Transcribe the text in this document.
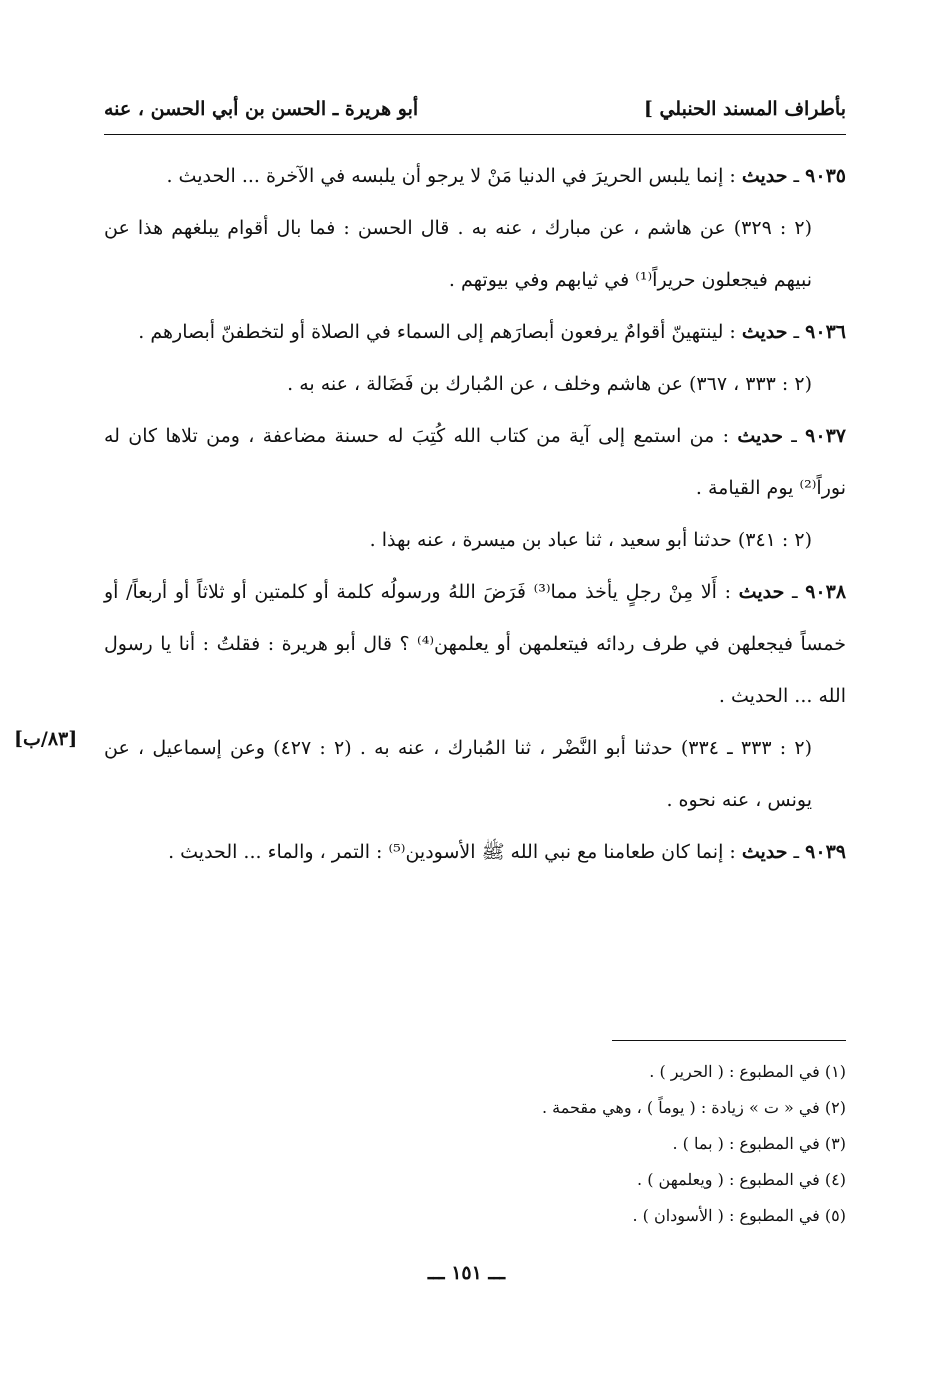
بأطراف المسند الحنبلي ]
أبو هريرة ـ الحسن بن أبي الحسن ، عنه
[٨٣/ب]

٩٠٣٥ ـ حديث : إنما يلبس الحريرَ في الدنيا مَنْ لا يرجو أن يلبسه في الآخرة ... الحديث .

(٢ : ٣٢٩) عن هاشم ، عن مبارك ، عنه به . قال الحسن : فما بال أقوام يبلغهم هذا عن نبيهم فيجعلون حريراً⁽¹⁾ في ثيابهم وفي بيوتهم .

٩٠٣٦ ـ حديث : لينتهينّ أقوامٌ يرفعون أبصارَهم إلى السماء في الصلاة أو لتخطفنّ أبصارهم .

(٢ : ٣٣٣ ، ٣٦٧) عن هاشم وخلف ، عن المُبارك بن فَضَالة ، عنه به .

٩٠٣٧ ـ حديث : من استمع إلى آية من كتاب الله كُتِبَ له حسنة مضاعفة ، ومن تلاها كان له نوراً⁽²⁾ يوم القيامة .

(٢ : ٣٤١) حدثنا أبو سعيد ، ثنا عباد بن ميسرة ، عنه بهذا .

٩٠٣٨ ـ حديث : أَلا مِنْ رجلٍ يأخذ مما⁽³⁾ فَرَضَ اللهُ ورسولُه كلمة أو كلمتين أو ثلاثاً أو أربعاً/ أو خمساً فيجعلهن في طرف ردائه فيتعلمهن أو يعلمهن⁽⁴⁾ ؟ قال أبو هريرة : فقلتُ : أنا يا رسول الله ... الحديث .

(٢ : ٣٣٣ ـ ٣٣٤) حدثنا أبو النَّضْر ، ثنا المُبارك ، عنه به . (٢ : ٤٢٧) وعن إسماعيل ، عن يونس ، عنه نحوه .

٩٠٣٩ ـ حديث : إنما كان طعامنا مع نبي الله ﷺ الأسودين⁽⁵⁾ : التمر ، والماء ... الحديث .

(١) في المطبوع : ( الحرير ) .

(٢) في « ت » زيادة : ( يوماً ) ، وهي مقحمة .

(٣) في المطبوع : ( بما ) .

(٤) في المطبوع : ( ويعلمهن ) .

(٥) في المطبوع : ( الأسودان ) .

ـــ ١٥١ ـــ
